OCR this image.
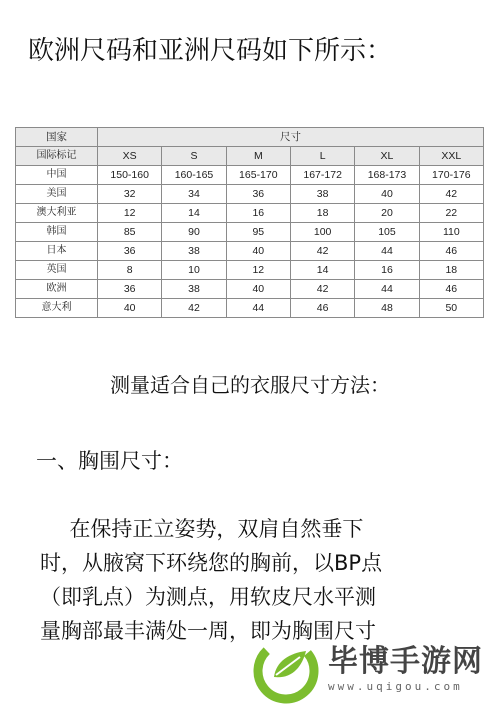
欧洲尺码和亚洲尺码如下所示：
国家	尺寸					
国际标记	XS	S	M	L	XL	XXL
中国	150-160	160-165	165-170	167-172	168-173	170-176
美国	32	34	36	38	40	42
澳大利亚	12	14	16	18	20	22
韩国	85	90	95	100	105	110
日本	36	38	40	42	44	46
英国	8	10	12	14	16	18
欧洲	36	38	40	42	44	46
意大利	40	42	44	46	48	50
测量适合自己的衣服尺寸方法：
一、胸围尺寸：
在保持正立姿势，双肩自然垂下
时，从腋窝下环绕您的胸前，以BP点
（即乳点）为测点，用软皮尺水平测
量胸部最丰满处一周，即为胸围尺寸
毕博手游网
www.uqigou.com
